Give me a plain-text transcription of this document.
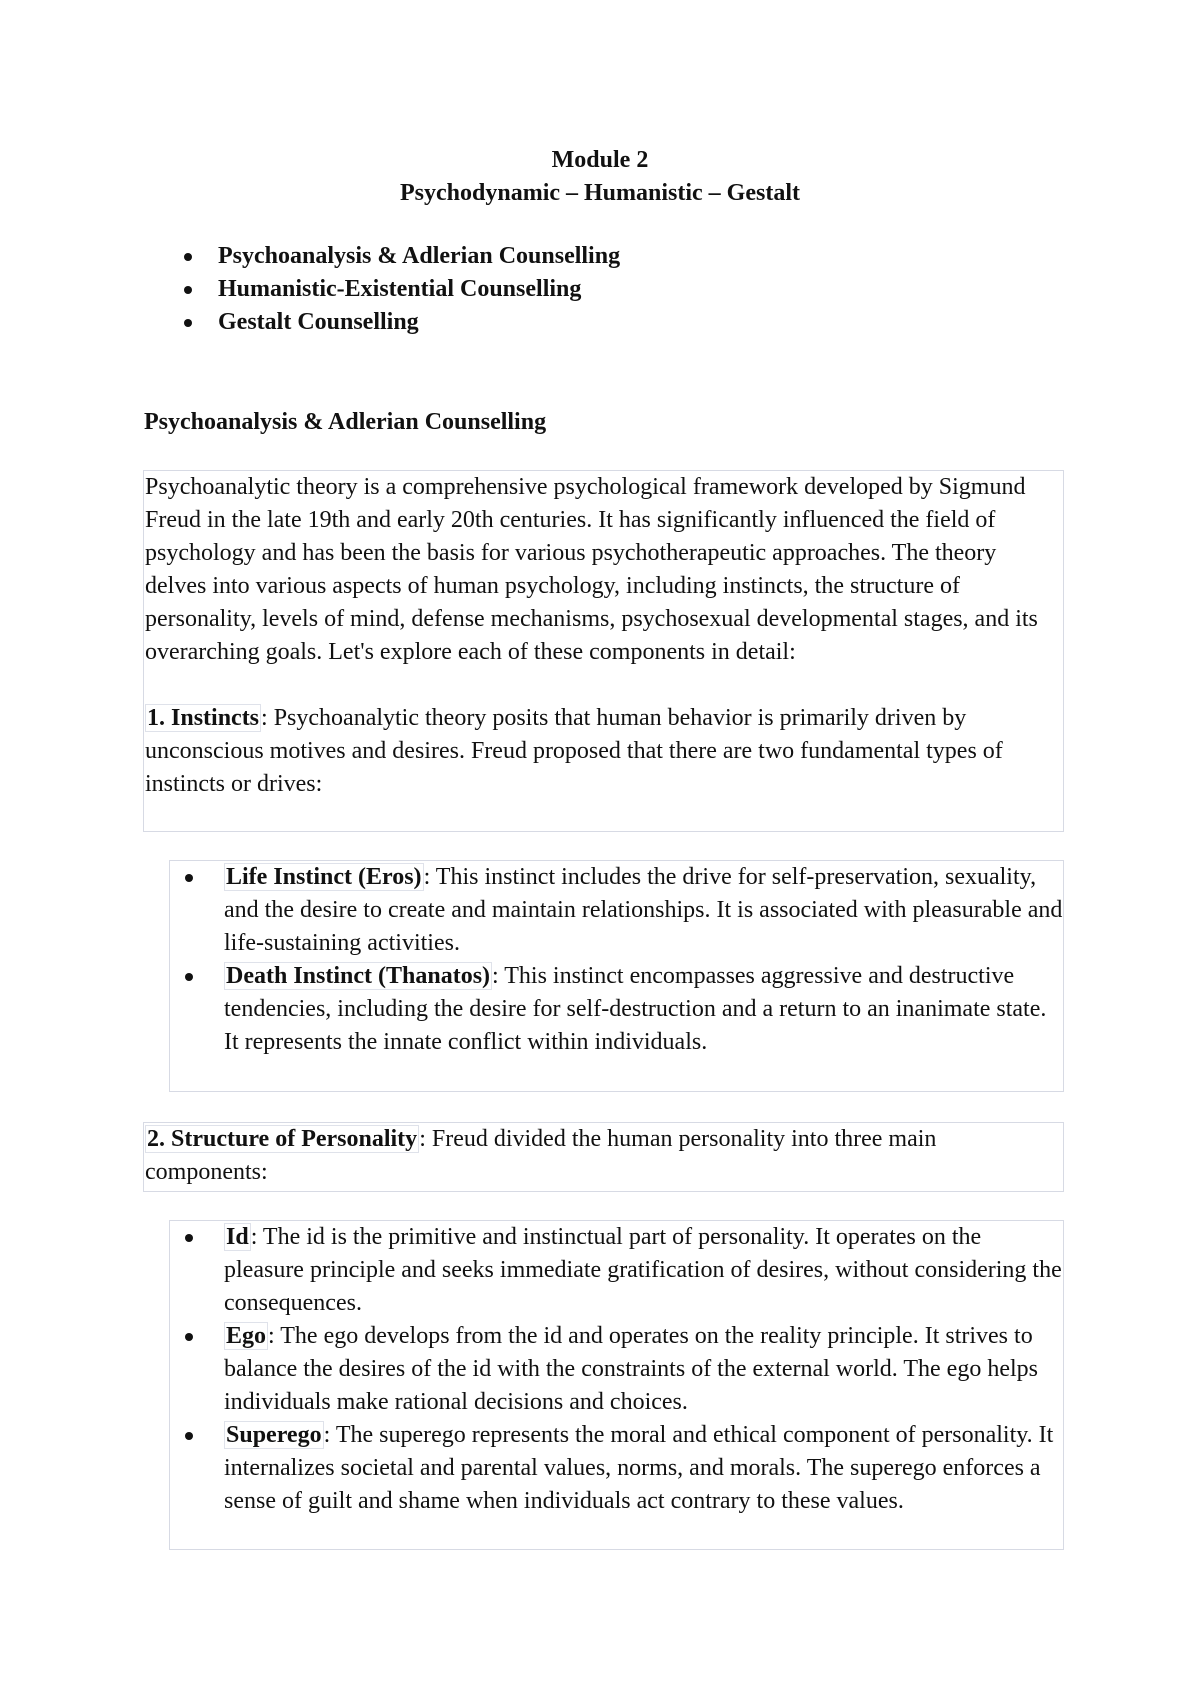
Module 2
Psychodynamic – Humanistic – Gestalt
Psychoanalysis & Adlerian Counselling
Humanistic-Existential Counselling
Gestalt Counselling
Psychoanalysis & Adlerian Counselling

Psychoanalytic theory is a comprehensive psychological framework developed by Sigmund Freud in the late 19th and early 20th centuries. It has significantly influenced the field of psychology and has been the basis for various psychotherapeutic approaches. The theory delves into various aspects of human psychology, including instincts, the structure of personality, levels of mind, defense mechanisms, psychosexual developmental stages, and its overarching goals. Let's explore each of these components in detail:

1. Instincts: Psychoanalytic theory posits that human behavior is primarily driven by unconscious motives and desires. Freud proposed that there are two fundamental types of instincts or drives:

Life Instinct (Eros): This instinct includes the drive for self-preservation, sexuality, and the desire to create and maintain relationships. It is associated with pleasurable and life-sustaining activities.
Death Instinct (Thanatos): This instinct encompasses aggressive and destructive tendencies, including the desire for self-destruction and a return to an inanimate state. It represents the innate conflict within individuals.

2. Structure of Personality: Freud divided the human personality into three main components:

Id: The id is the primitive and instinctual part of personality. It operates on the pleasure principle and seeks immediate gratification of desires, without considering the consequences.
Ego: The ego develops from the id and operates on the reality principle. It strives to balance the desires of the id with the constraints of the external world. The ego helps individuals make rational decisions and choices.
Superego: The superego represents the moral and ethical component of personality. It internalizes societal and parental values, norms, and morals. The superego enforces a sense of guilt and shame when individuals act contrary to these values.
